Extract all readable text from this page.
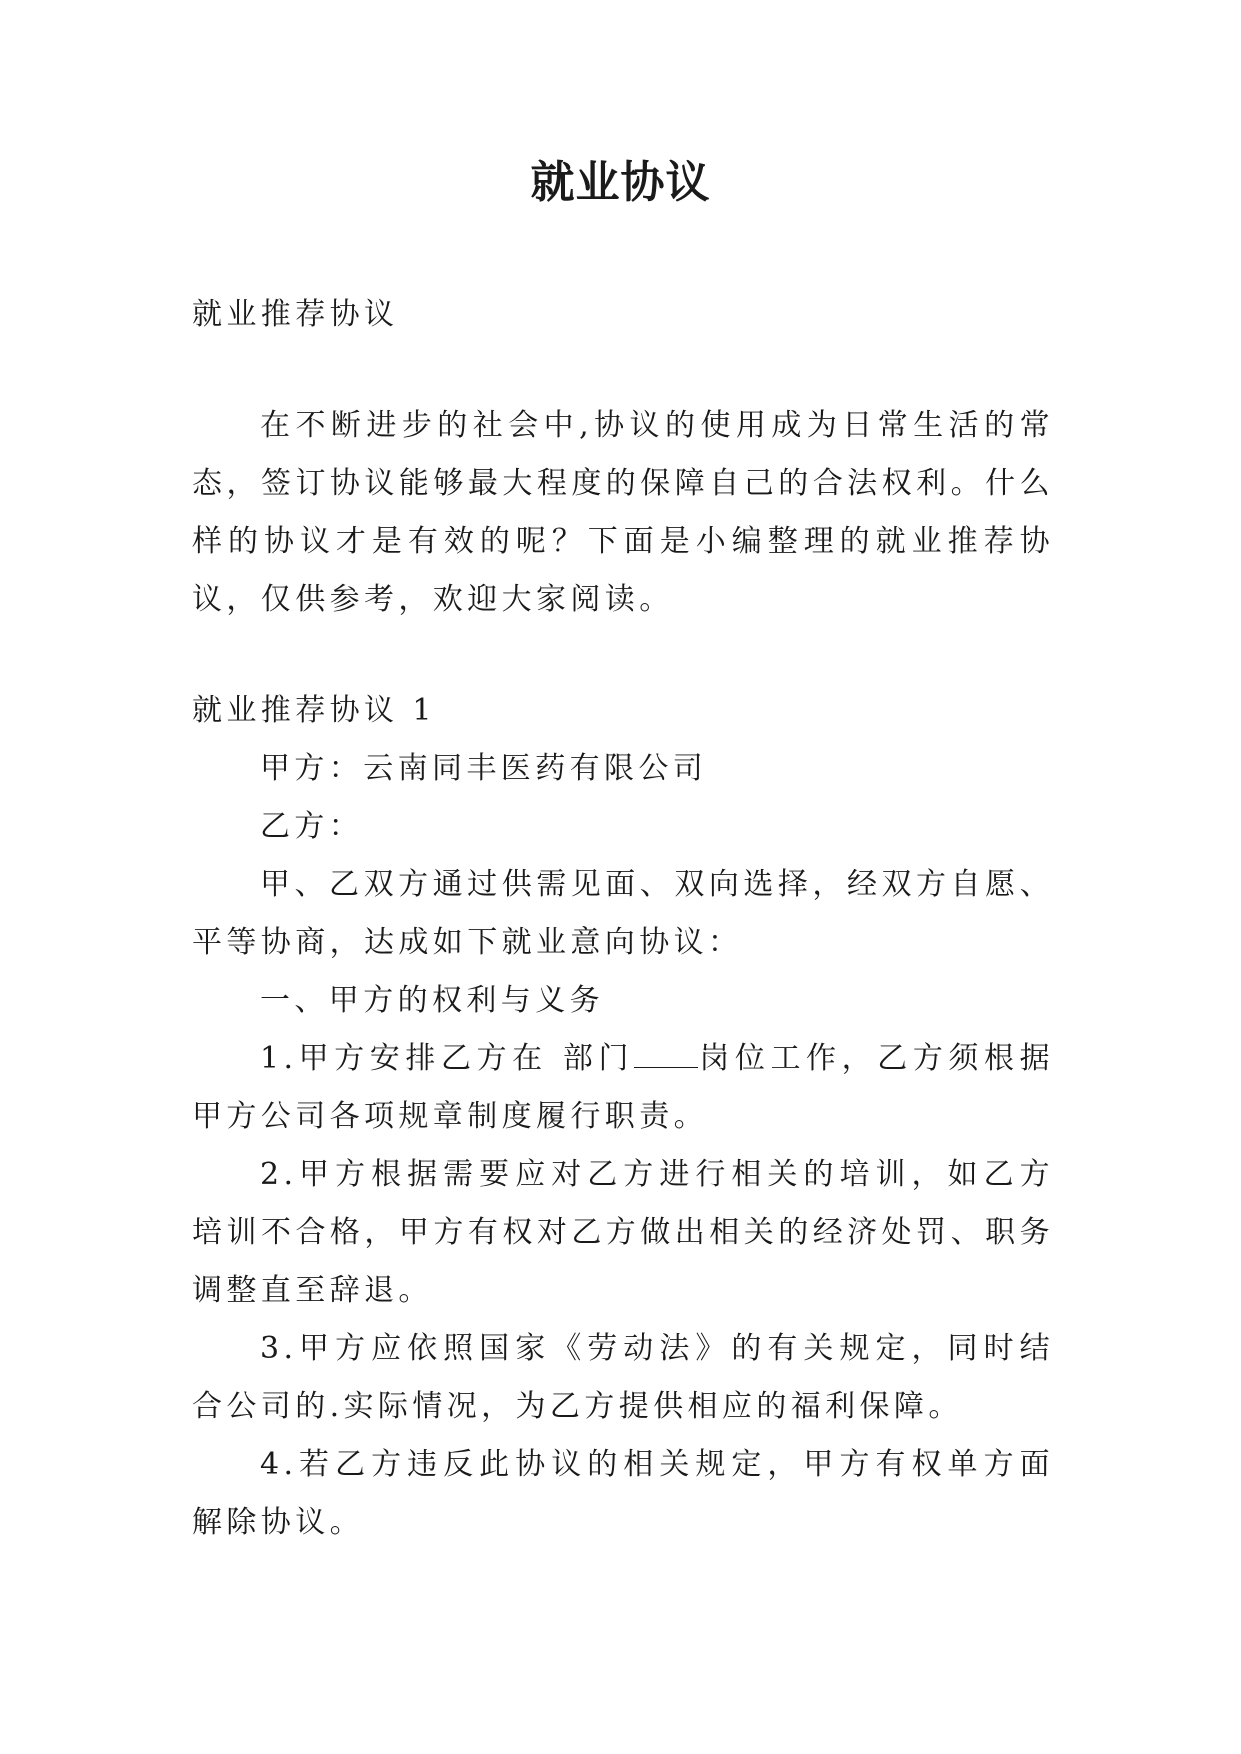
就业协议

就业推荐协议

在不断进步的社会中,协议的使用成为日常生活的常态，签订协议能够最大程度的保障自己的合法权利。什么样的协议才是有效的呢？下面是小编整理的就业推荐协议，仅供参考，欢迎大家阅读。

就业推荐协议 1

甲方：云南同丰医药有限公司

乙方：

甲、乙双方通过供需见面、双向选择，经双方自愿、平等协商，达成如下就业意向协议：

一、甲方的权利与义务

1.甲方安排乙方在 部门 岗位工作，乙方须根据甲方公司各项规章制度履行职责。

2.甲方根据需要应对乙方进行相关的培训，如乙方培训不合格，甲方有权对乙方做出相关的经济处罚、职务调整直至辞退。

3.甲方应依照国家《劳动法》的有关规定，同时结合公司的.实际情况，为乙方提供相应的福利保障。

4.若乙方违反此协议的相关规定，甲方有权单方面解除协议。
